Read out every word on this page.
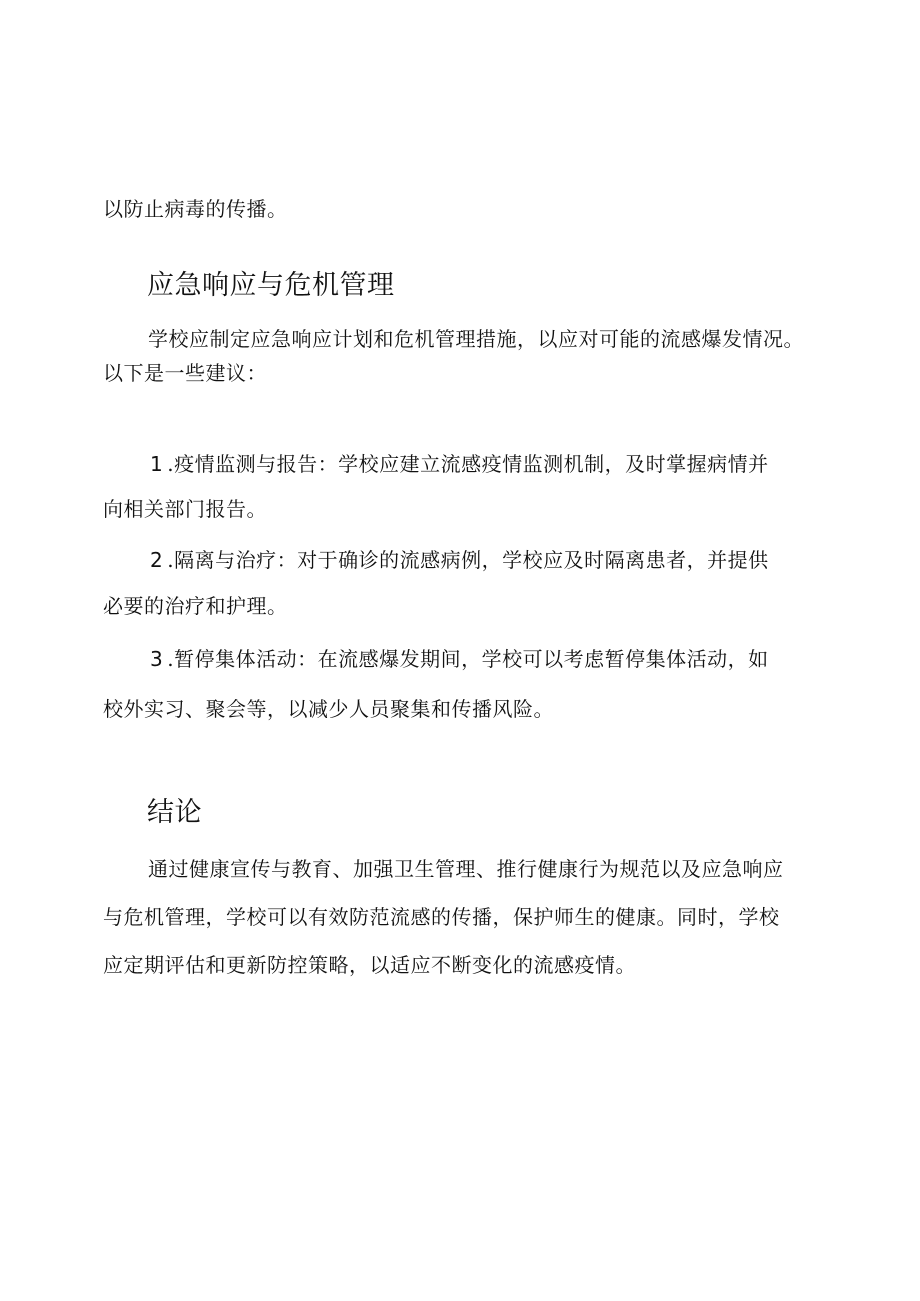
以防止病毒的传播。
应急响应与危机管理
学校应制定应急响应计划和危机管理措施，以应对可能的流感爆发情况。
以下是一些建议：
1 .疫情监测与报告：学校应建立流感疫情监测机制，及时掌握病情并
向相关部门报告。
2 .隔离与治疗：对于确诊的流感病例，学校应及时隔离患者，并提供
必要的治疗和护理。
3 .暂停集体活动：在流感爆发期间，学校可以考虑暂停集体活动，如
校外实习、聚会等，以减少人员聚集和传播风险。
结论
通过健康宣传与教育、加强卫生管理、推行健康行为规范以及应急响应
与危机管理，学校可以有效防范流感的传播，保护师生的健康。同时，学校
应定期评估和更新防控策略，以适应不断变化的流感疫情。
